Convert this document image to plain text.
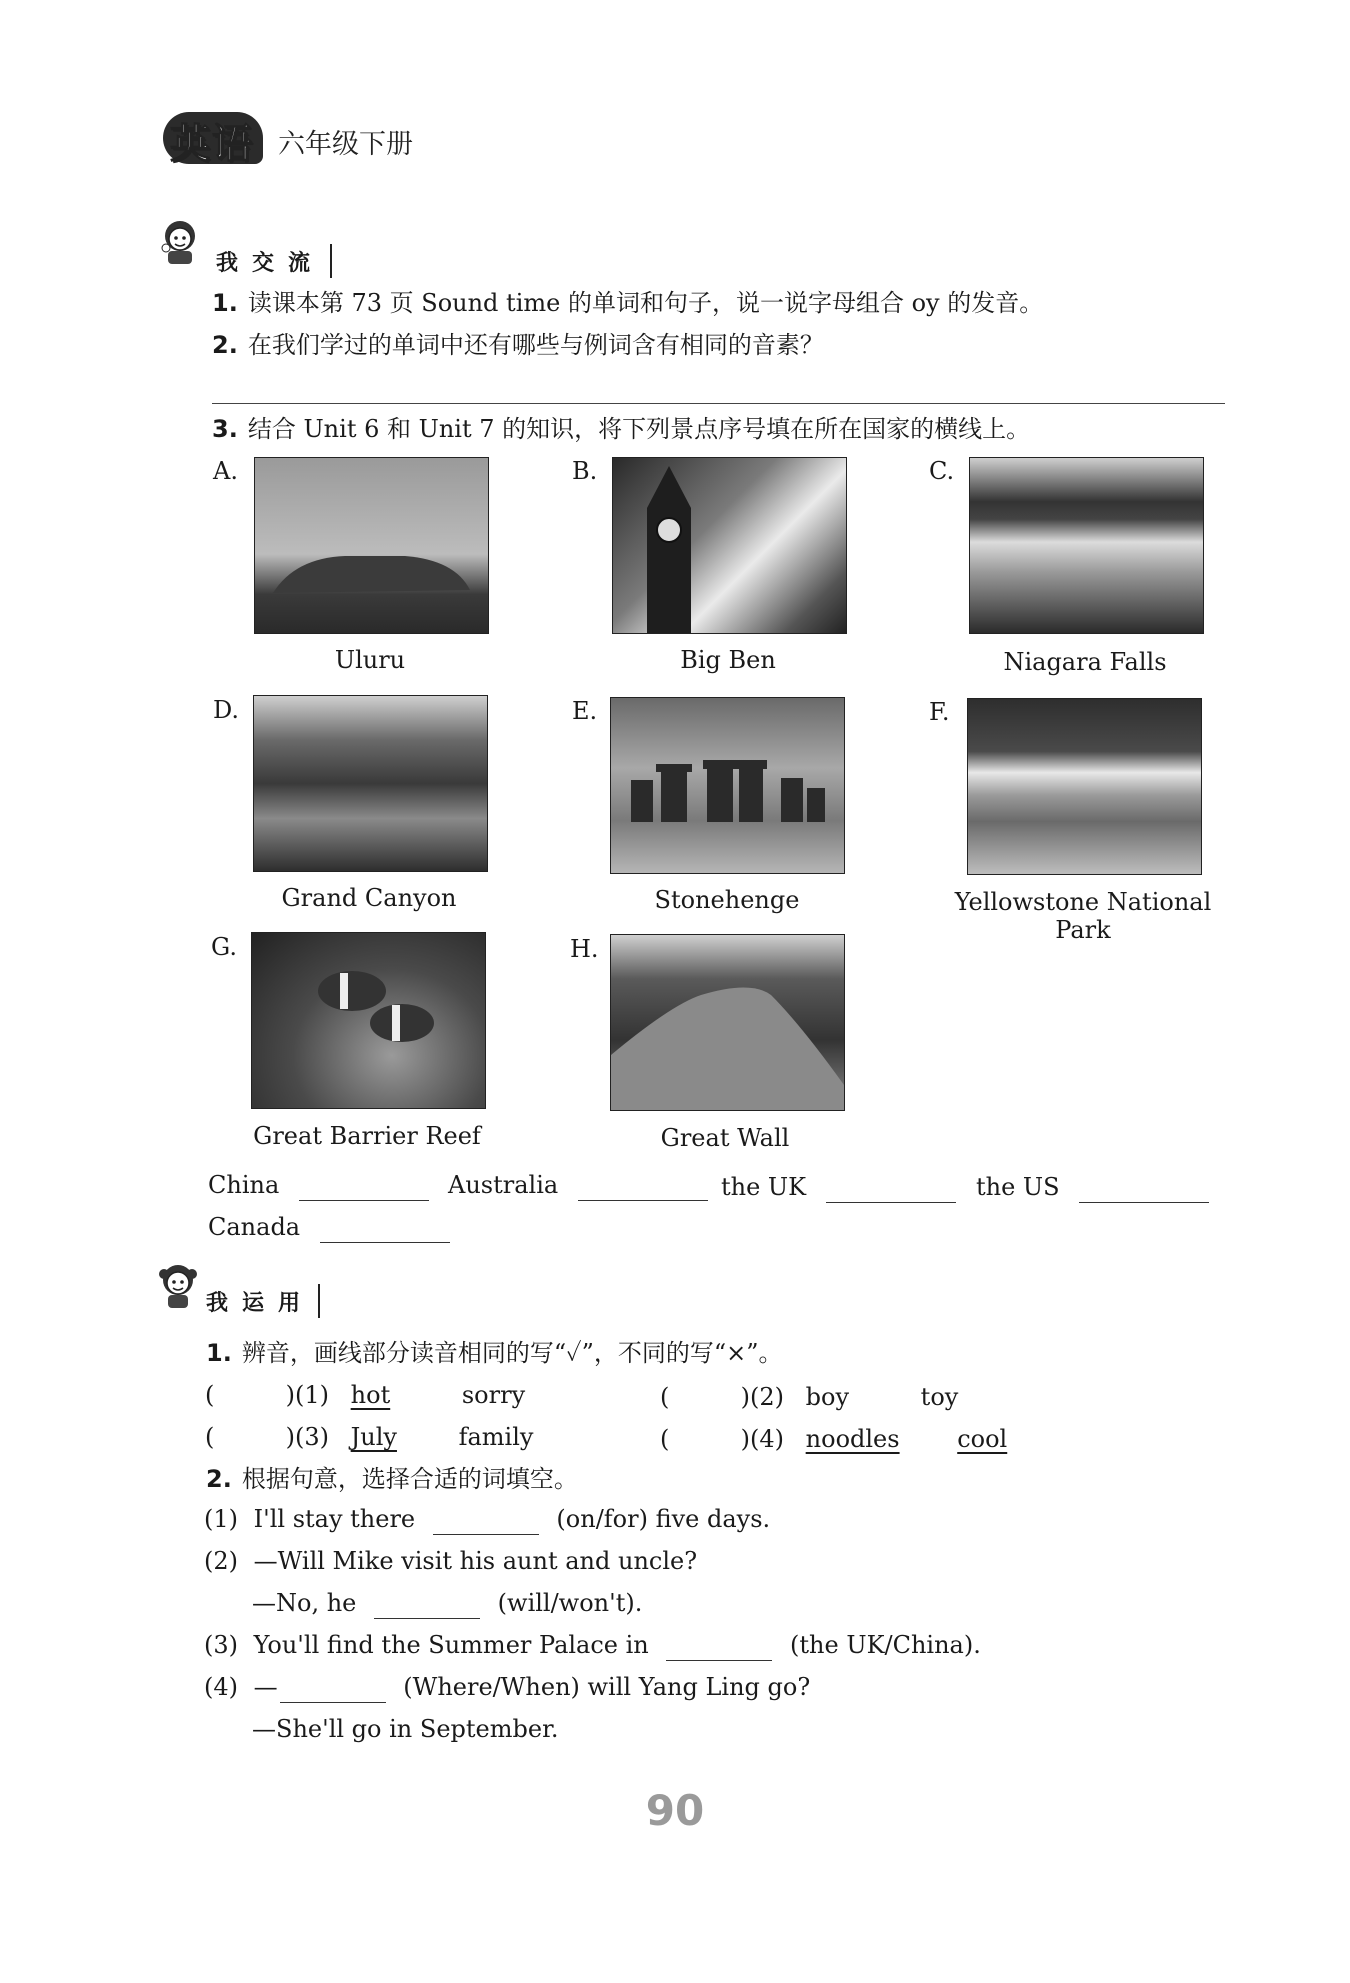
英语 六年级下册
我交流
1. 读课本第 73 页 Sound time 的单词和句子，说一说字母组合 oy 的发音。
2. 在我们学过的单词中还有哪些与例词含有相同的音素？
3. 结合 Unit 6 和 Unit 7 的知识，将下列景点序号填在所在国家的横线上。
A.
Uluru
B.
Big Ben
C.
Niagara Falls
D.
Grand Canyon
E.
Stonehenge
F.
Yellowstone National Park
G.
Great Barrier Reef
H.
Great Wall
China	Australia	the UK	the US
Canada
我运用
1. 辨音，画线部分读音相同的写“✓”，不同的写“×”。
(	)(1) hot	sorry	(	)(2) boy	toy
(	)(3) July	family	(	)(4) noodles cool
2. 根据句意，选择合适的词填空。
(1) I'll stay there	(on/for) five days.
(2) —Will Mike visit his aunt and uncle?
—No, he	(will/won't).
(3) You'll find the Summer Palace in	(the UK/China).
(4) —	(Where/When) will Yang Ling go?
—She'll go in September.
90
